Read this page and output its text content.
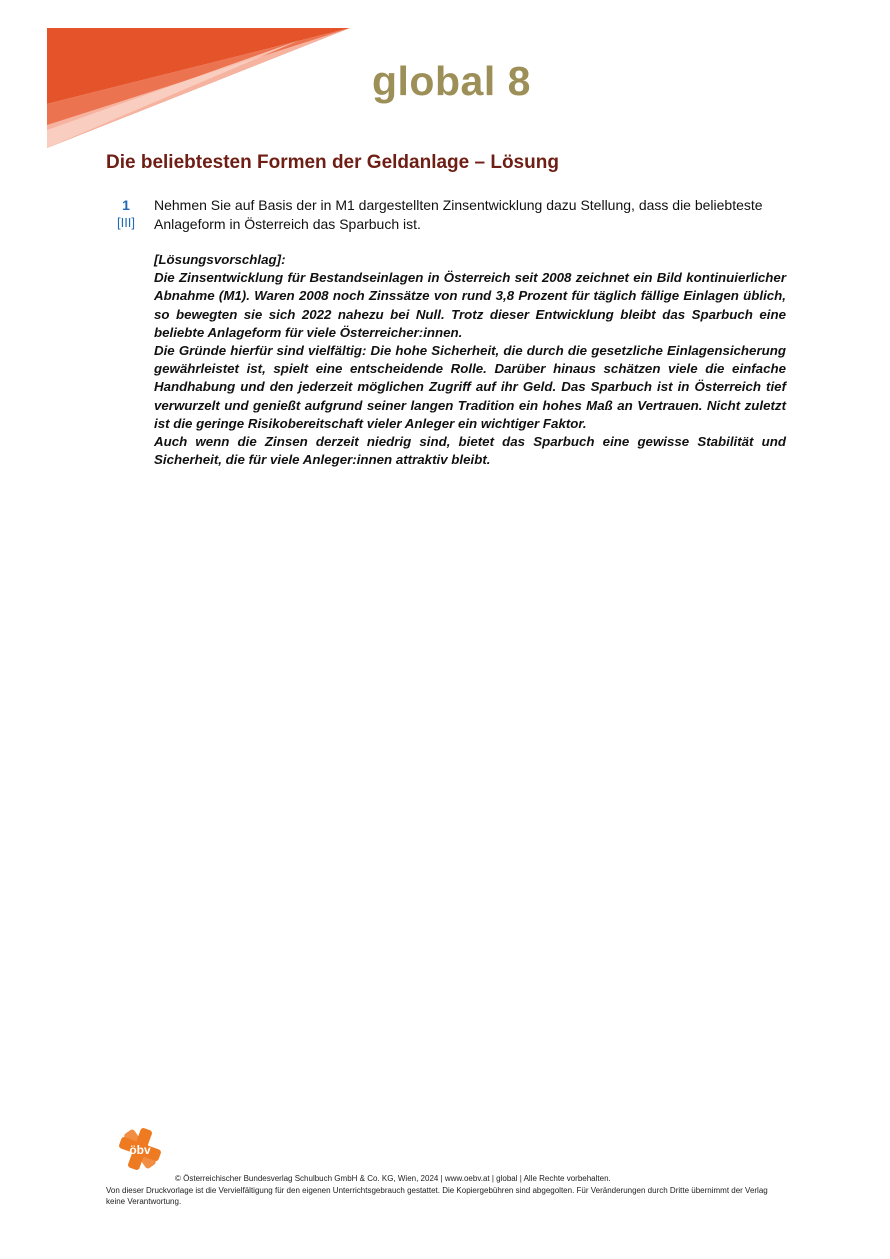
global 8
Die beliebtesten Formen der Geldanlage – Lösung
1
[III]
Nehmen Sie auf Basis der in M1 dargestellten Zinsentwicklung dazu Stellung, dass die beliebteste Anlageform in Österreich das Sparbuch ist.

[Lösungsvorschlag]:

Die Zinsentwicklung für Bestandseinlagen in Österreich seit 2008 zeichnet ein Bild kontinuierlicher Abnahme (M1). Waren 2008 noch Zinssätze von rund 3,8 Prozent für täglich fällige Einlagen üblich, so bewegten sie sich 2022 nahezu bei Null. Trotz dieser Entwicklung bleibt das Sparbuch eine beliebte Anlageform für viele Österreicher:innen.

Die Gründe hierfür sind vielfältig: Die hohe Sicherheit, die durch die gesetzliche Einlagensicherung gewährleistet ist, spielt eine entscheidende Rolle. Darüber hinaus schätzen viele die einfache Handhabung und den jederzeit möglichen Zugriff auf ihr Geld. Das Sparbuch ist in Österreich tief verwurzelt und genießt aufgrund seiner langen Tradition ein hohes Maß an Vertrauen. Nicht zuletzt ist die geringe Risikobereitschaft vieler Anleger ein wichtiger Faktor.

Auch wenn die Zinsen derzeit niedrig sind, bietet das Sparbuch eine gewisse Stabilität und Sicherheit, die für viele Anleger:innen attraktiv bleibt.

öbv

© Österreichischer Bundesverlag Schulbuch GmbH & Co. KG, Wien, 2024 | www.oebv.at | global | Alle Rechte vorbehalten.

Von dieser Druckvorlage ist die Vervielfältigung für den eigenen Unterrichtsgebrauch gestattet. Die Kopiergebühren sind abgegolten. Für Veränderungen durch Dritte übernimmt der Verlag keine Verantwortung.
